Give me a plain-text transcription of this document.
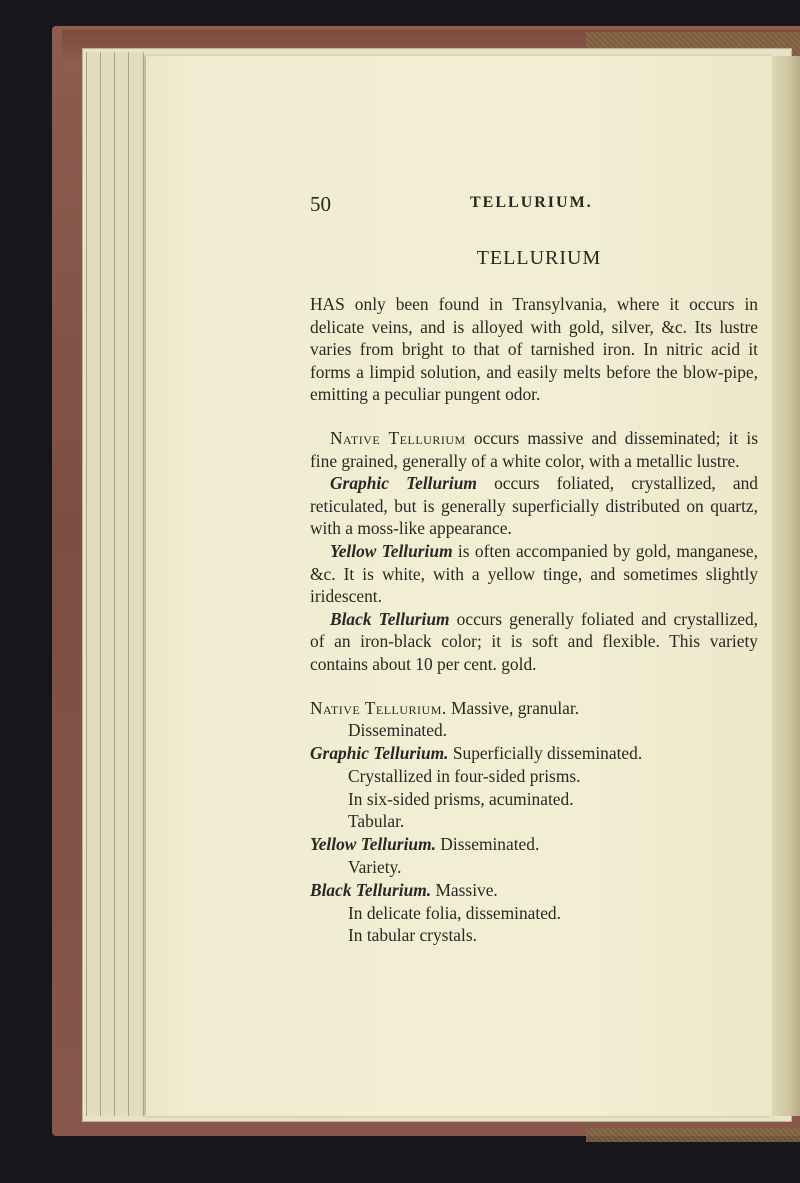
50	TELLURIUM.
TELLURIUM

HAS only been found in Transylvania, where it occurs in delicate veins, and is alloyed with gold, silver, &c. Its lustre varies from bright to that of tarnished iron. In nitric acid it forms a limpid solution, and easily melts before the blow-pipe, emitting a peculiar pungent odor.

Native Tellurium occurs massive and disseminated; it is fine grained, generally of a white color, with a metallic lustre.

Graphic Tellurium occurs foliated, crystallized, and reticulated, but is generally superficially distributed on quartz, with a moss-like appearance.

Yellow Tellurium is often accompanied by gold, manganese, &c. It is white, with a yellow tinge, and sometimes slightly iridescent.

Black Tellurium occurs generally foliated and crystallized, of an iron-black color; it is soft and flexible. This variety contains about 10 per cent. gold.

Native Tellurium. Massive, granular.

Disseminated.

Graphic Tellurium. Superficially disseminated.

Crystallized in four-sided prisms.

In six-sided prisms, acuminated.

Tabular.

Yellow Tellurium. Disseminated.

Variety.

Black Tellurium. Massive.

In delicate folia, disseminated.

In tabular crystals.
